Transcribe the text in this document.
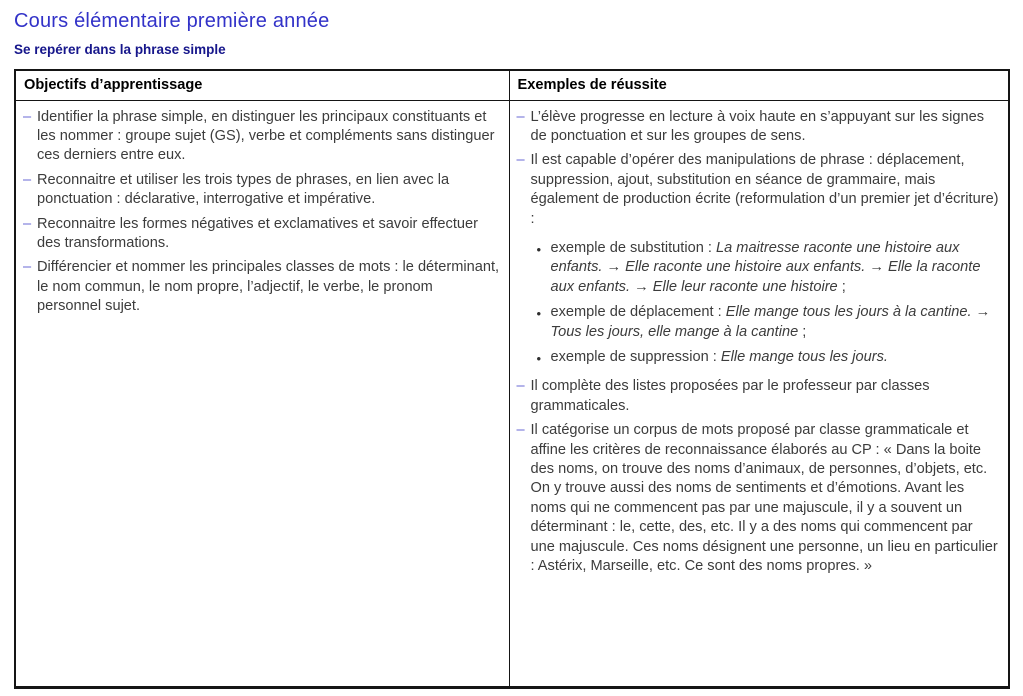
Cours élémentaire première année
Se repérer dans la phrase simple
Objectifs d’apprentissage	Exemples de réussite

– Identifier la phrase simple, en distinguer les principaux constituants et les nommer : groupe sujet (GS), verbe et compléments sans distinguer ces derniers entre eux.
– Reconnaitre et utiliser les trois types de phrases, en lien avec la ponctuation : déclarative, interrogative et impérative.
– Reconnaitre les formes négatives et exclamatives et savoir effectuer des transformations.
– Différencier et nommer les principales classes de mots : le déterminant, le nom commun, le nom propre, l’adjectif, le verbe, le pronom personnel sujet.

– L’élève progresse en lecture à voix haute en s’appuyant sur les signes de ponctuation et sur les groupes de sens.
– Il est capable d’opérer des manipulations de phrase : déplacement, suppression, ajout, substitution en séance de grammaire, mais également de production écrite (reformulation d’un premier jet d’écriture) :
• exemple de substitution : La maitresse raconte une histoire aux enfants. → Elle raconte une histoire aux enfants. → Elle la raconte aux enfants. → Elle leur raconte une histoire ;
• exemple de déplacement : Elle mange tous les jours à la cantine. → Tous les jours, elle mange à la cantine ;
• exemple de suppression : Elle mange tous les jours.
– Il complète des listes proposées par le professeur par classes grammaticales.
– Il catégorise un corpus de mots proposé par classe grammaticale et affine les critères de reconnaissance élaborés au CP : « Dans la boite des noms, on trouve des noms d’animaux, de personnes, d’objets, etc. On y trouve aussi des noms de sentiments et d’émotions. Avant les noms qui ne commencent pas par une majuscule, il y a souvent un déterminant : le, cette, des, etc. Il y a des noms qui commencent par une majuscule. Ces noms désignent une personne, un lieu en particulier : Astérix, Marseille, etc. Ce sont des noms propres. »
